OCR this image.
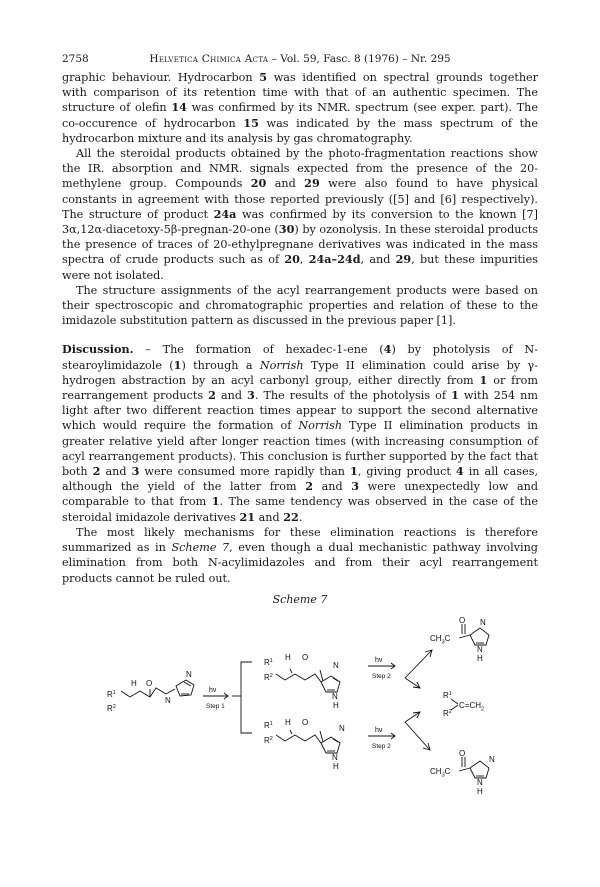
2758	Helvetica Chimica Acta – Vol. 59, Fasc. 8 (1976) – Nr. 295

graphic behaviour. Hydrocarbon 5 was identified on spectral grounds together with comparison of its retention time with that of an authentic specimen. The structure of olefin 14 was confirmed by its NMR. spectrum (see exper. part). The co-occurence of hydrocarbon 15 was indicated by the mass spectrum of the hydrocarbon mixture and its analysis by gas chromatography.

All the steroidal products obtained by the photo-fragmentation reactions show the IR. absorption and NMR. signals expected from the presence of the 20-methylene group. Compounds 20 and 29 were also found to have physical constants in agreement with those reported previously ([5] and [6] respectively). The structure of product 24a was confirmed by its conversion to the known [7] 3α,12α-diacetoxy-5β-pregnan-20-one (30) by ozonolysis. In these steroidal products the presence of traces of 20-ethylpregnane derivatives was indicated in the mass spectra of crude products such as of 20, 24a–24d, and 29, but these impurities were not isolated.

The structure assignments of the acyl rearrangement products were based on their spectroscopic and chromatographic properties and relation of these to the imidazole substitution pattern as discussed in the previous paper [1].

Discussion. – The formation of hexadec-1-ene (4) by photolysis of N-stearoylimidazole (1) through a Norrish Type II elimination could arise by γ-hydrogen abstraction by an acyl carbonyl group, either directly from 1 or from rearrangement products 2 and 3. The results of the photolysis of 1 with 254 nm light after two different reaction times appear to support the second alternative which would require the formation of Norrish Type II elimination products in greater relative yield after longer reaction times (with increasing consumption of acyl rearrangement products). This conclusion is further supported by the fact that both 2 and 3 were consumed more rapidly than 1, giving product 4 in all cases, although the yield of the latter from 2 and 3 were unexpectedly low and comparable to that from 1. The same tendency was observed in the case of the steroidal imidazole derivatives 21 and 22.

The most likely mechanisms for these elimination reactions is therefore summarized as in Scheme 7, even though a dual mechanistic pathway involving elimination from both N-acylimidazoles and from their acyl rearrangement products cannot be ruled out.

Scheme 7
$R^1$
$R^2$
H O
N
N
hν
Step 1
$R^1$
$R^2$
H O
N
N
H
hν
Step 2
$R^1$
$R^2$
H O
N
N
H
hν
Step 2
O N
$CH_3C$
N
H
$R^1$
$R^2$
$C=CH_2$
O
N
$CH_3C$
N
H
